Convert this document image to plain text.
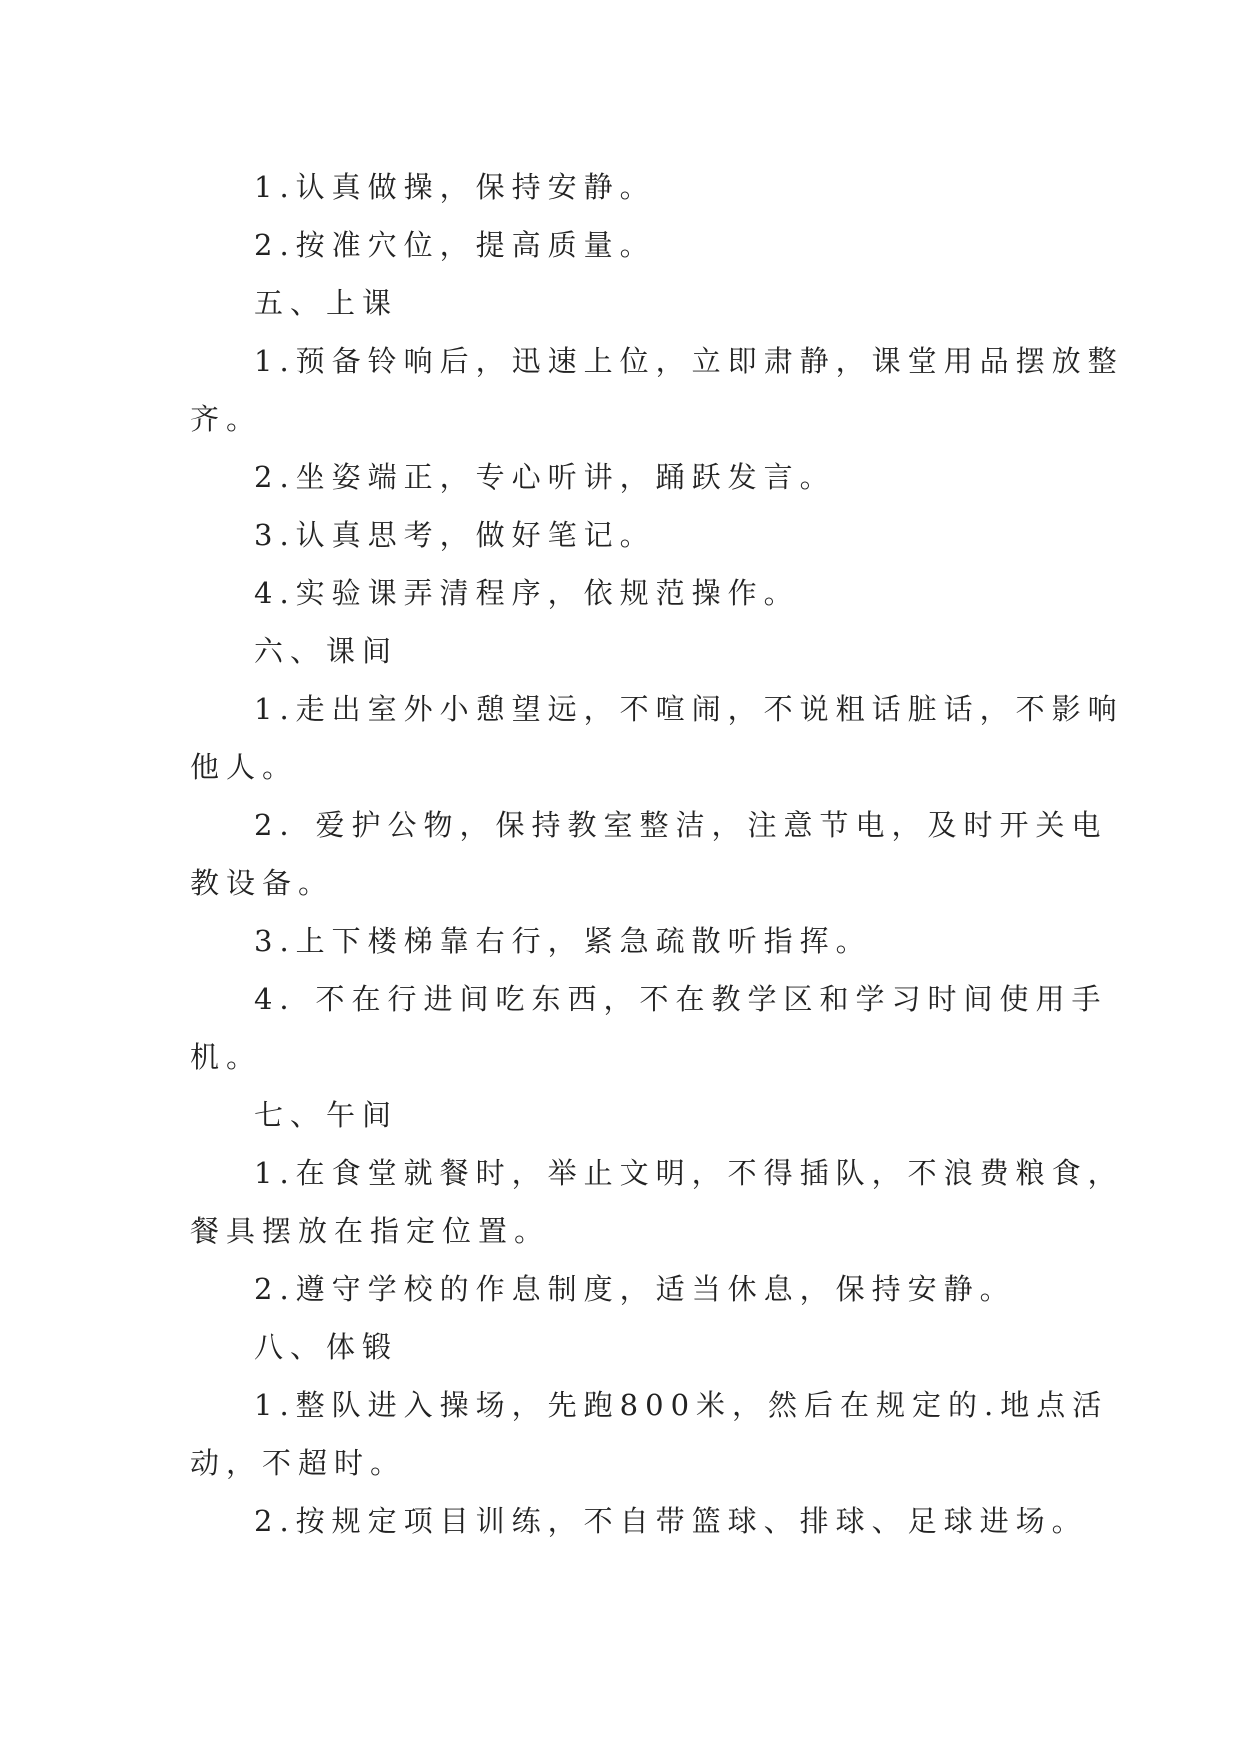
1.认真做操，保持安静。
2.按准穴位，提高质量。
五、上课
1.预备铃响后，迅速上位，立即肃静，课堂用品摆放整
齐。
2.坐姿端正，专心听讲，踊跃发言。
3.认真思考，做好笔记。
4.实验课弄清程序，依规范操作。
六、课间
1.走出室外小憩望远，不喧闹，不说粗话脏话，不影响
他人。
2．爱护公物，保持教室整洁，注意节电，及时开关电
教设备。
3.上下楼梯靠右行，紧急疏散听指挥。
4．不在行进间吃东西，不在教学区和学习时间使用手
机。
七、午间
1.在食堂就餐时，举止文明，不得插队，不浪费粮食，
餐具摆放在指定位置。
2.遵守学校的作息制度，适当休息，保持安静。
八、体锻
1.整队进入操场，先跑800米，然后在规定的.地点活
动，不超时。
2.按规定项目训练，不自带篮球、排球、足球进场。
